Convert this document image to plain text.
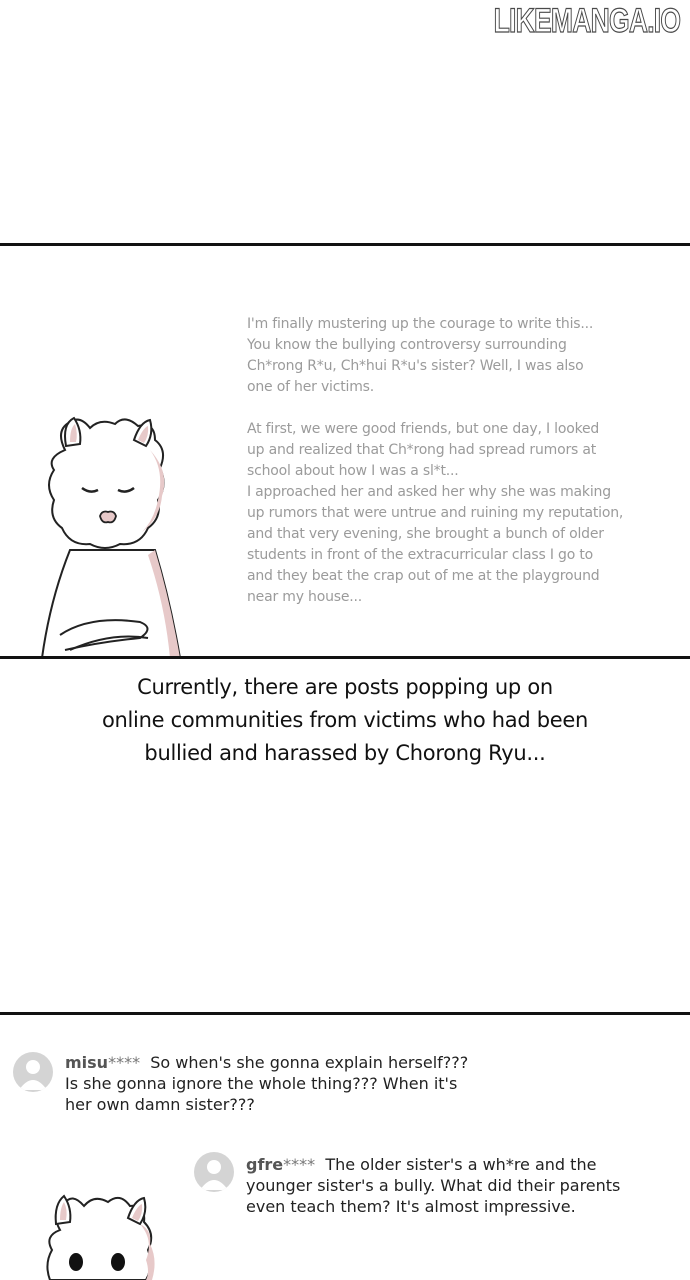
LIKEMANGA.IO

I'm finally mustering up the courage to write this...
You know the bullying controversy surrounding
Ch*rong R*u, Ch*hui R*u's sister? Well, I was also
one of her victims.

At first, we were good friends, but one day, I looked
up and realized that Ch*rong had spread rumors at
school about how I was a sl*t...
I approached her and asked her why she was making
up rumors that were untrue and ruining my reputation,
and that very evening, she brought a bunch of older
students in front of the extracurricular class I go to
and they beat the crap out of me at the playground
near my house...

Currently, there are posts popping up on
online communities from victims who had been
bullied and harassed by Chorong Ryu...
misu**** So when's she gonna explain herself???
Is she gonna ignore the whole thing??? When it's
her own damn sister???
gfre**** The older sister's a wh*re and the
younger sister's a bully. What did their parents
even teach them? It's almost impressive.
